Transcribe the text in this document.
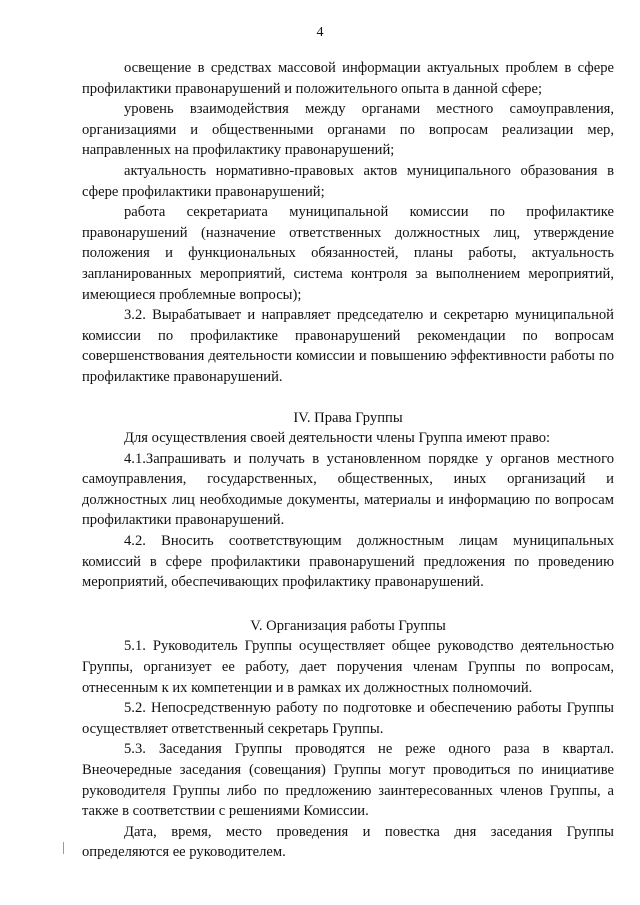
4

освещение в средствах массовой информации актуальных проблем в сфере профилактики правонарушений и положительного опыта в данной сфере;

уровень взаимодействия между органами местного самоуправления, организациями и общественными органами по вопросам реализации мер, направленных на профилактику правонарушений;

актуальность нормативно-правовых актов муниципального образования в сфере профилактики правонарушений;

работа секретариата муниципальной комиссии по профилактике правонарушений (назначение ответственных должностных лиц, утверждение положения и функциональных обязанностей, планы работы, актуальность запланированных мероприятий, система контроля за выполнением мероприятий, имеющиеся проблемные вопросы);

3.2. Вырабатывает и направляет председателю и секретарю муниципальной комиссии по профилактике правонарушений рекомендации по вопросам совершенствования деятельности комиссии и повышению эффективности работы по профилактике правонарушений.

IV. Права Группы

Для осуществления своей деятельности члены Группа имеют право:

4.1.Запрашивать и получать в установленном порядке у органов местного самоуправления, государственных, общественных, иных организаций и должностных лиц необходимые документы, материалы и информацию по вопросам профилактики правонарушений.

4.2. Вносить соответствующим должностным лицам муниципальных комиссий в сфере профилактики правонарушений предложения по проведению мероприятий, обеспечивающих профилактику правонарушений.

V. Организация работы Группы

5.1. Руководитель Группы осуществляет общее руководство деятельностью Группы, организует ее работу, дает поручения членам Группы по вопросам, отнесенным к их компетенции и в рамках их должностных полномочий.

5.2. Непосредственную работу по подготовке и обеспечению работы Группы осуществляет ответственный секретарь Группы.

5.3. Заседания Группы проводятся не реже одного раза в квартал. Внеочередные заседания (совещания) Группы могут проводиться по инициативе руководителя Группы либо по предложению заинтересованных членов Группы, а также в соответствии с решениями Комиссии.

Дата, время, место проведения и повестка дня заседания Группы определяются ее руководителем.
